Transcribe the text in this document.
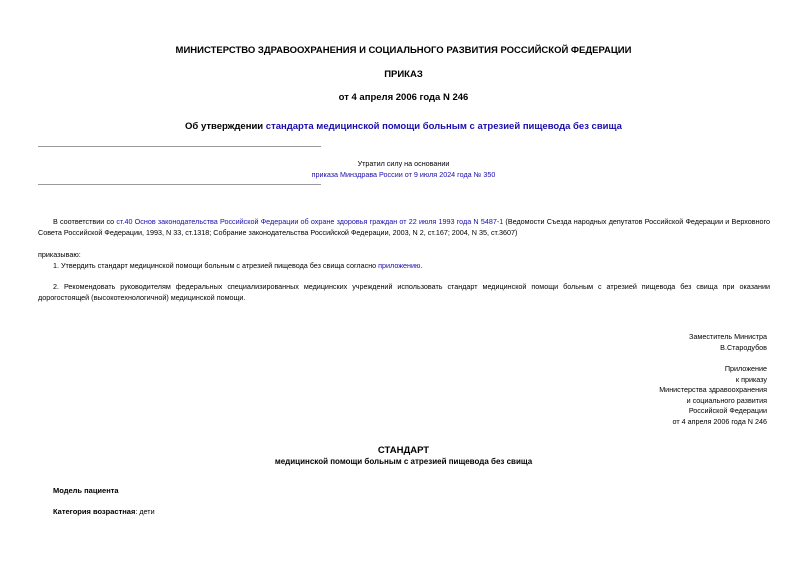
МИНИСТЕРСТВО ЗДРАВООХРАНЕНИЯ И СОЦИАЛЬНОГО РАЗВИТИЯ РОССИЙСКОЙ ФЕДЕРАЦИИ
ПРИКАЗ
от 4 апреля 2006 года N 246
Об утверждении стандарта медицинской помощи больным с атрезией пищевода без свища
Утратил силу на основании
приказа Минздрава России от 9 июля 2024 года № 350
В соответствии со ст.40 Основ законодательства Российской Федерации об охране здоровья граждан от 22 июля 1993 года N 5487-1 (Ведомости Съезда народных депутатов Российской Федерации и Верховного Совета Российской Федерации, 1993, N 33, ст.1318; Собрание законодательства Российской Федерации, 2003, N 2, ст.167; 2004, N 35, ст.3607)
приказываю:
1. Утвердить стандарт медицинской помощи больным с атрезией пищевода без свища согласно приложению.
2. Рекомендовать руководителям федеральных специализированных медицинских учреждений использовать стандарт медицинской помощи больным с атрезией пищевода без свища при оказании дорогостоящей (высокотехнологичной) медицинской помощи.
Заместитель Министра
В.Стародубов
Приложение
к приказу
Министерства здравоохранения
и социального развития
Российской Федерации
от 4 апреля 2006 года N 246
СТАНДАРТ
медицинской помощи больным с атрезией пищевода без свища
Модель пациента
Категория возрастная: дети
